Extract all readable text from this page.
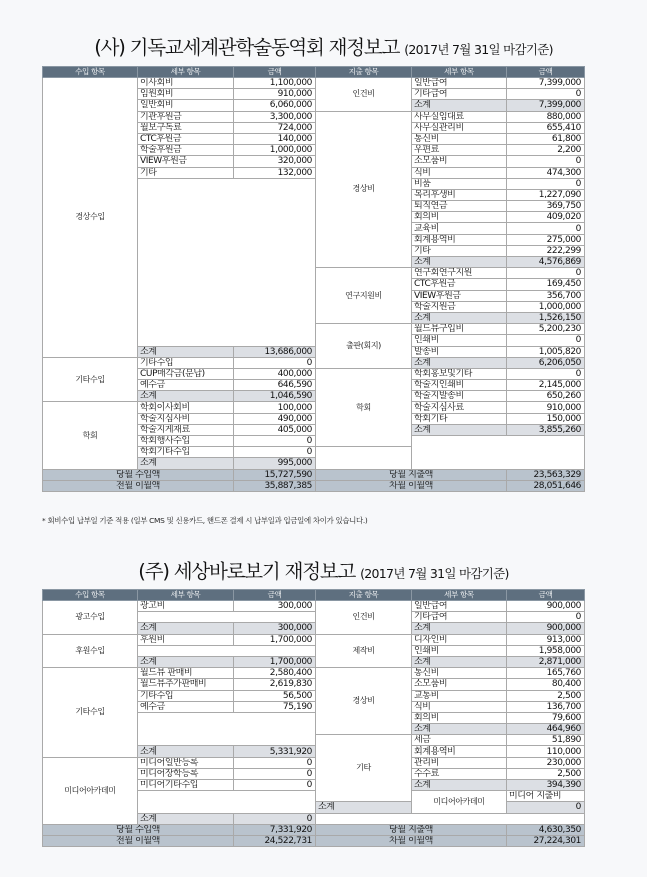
(사) 기독교세계관학술동역회 재정보고 (2017년 7월 31일 마감기준)
수입 항목	세부 항목	금액	지출 항목	세부 항목	금액
경상수입	이사회비	1,100,000	인건비	일반급여	7,399,000
	임원회비	910,000		기타급여	0
	일반회비	6,060,000		소계	7,399,000
	기관후원금	3,300,000	경상비	사무실임대료	880,000
	월보구독료	724,000		사무실관리비	655,410
	CTC후원금	140,000		통신비	61,800
	학술후원금	1,000,000		우편료	2,200
	VIEW후원금	320,000		소모품비	0
	기타	132,000		식비	474,300
				비품	0
				복리후생비	1,227,090
				퇴직연금	369,750
				회의비	409,020
				교육비	0
				회계용역비	275,000
				기타	222,299
				소계	4,576,869
			연구지원비	연구회연구지원	0
				CTC후원금	169,450
				VIEW후원금	356,700
				학술지원금	1,000,000
				소계	1,526,150
			출판(회지)	월드뷰구입비	5,200,230
				인쇄비	0
	소계	13,686,000		발송비	1,005,820
기타수입	기타수입	0		소계	6,206,050
	CUP매각금(분납)	400,000	학회	학회홍보및기타	0
	예수금	646,590		학술지인쇄비	2,145,000
	소계	1,046,590		학술지발송비	650,260
학회	학회이사회비	100,000		학술지심사료	910,000
	학술지심사비	490,000		학회기타	150,000
	학술지게재료	405,000		소계	3,855,260
	학회행사수입	0			
	학회기타수입	0			
	소계	995,000			
당월 수입액		15,727,590	당월 지출액		23,563,329
전월 이월액		35,887,385	차월 이월액		28,051,646
* 회비수입 납부일 기준 적용 (일부 CMS 및 신용카드, 핸드폰 결제 시 납부일과 입금일에 차이가 있습니다.)
(주) 세상바로보기 재정보고 (2017년 7월 31일 마감기준)
수입 항목	세부 항목	금액	지출 항목	세부 항목	금액	
광고수입	광고비	300,000	인건비	일반급여	900,000	
				기타급여	0	
	소계	300,000		소계	900,000	
후원수입	후원비	1,700,000	제작비	디자인비	913,000	
				인쇄비	1,958,000	
	소계	1,700,000		소계	2,871,000	
기타수입	월드뷰 판매비	2,580,400	경상비	통신비	165,760	
	월드뷰추가판매비	2,619,830		소모품비	80,400	
	기타수입	56,500		교통비	2,500	
	예수금	75,190		식비	136,700	
				회의비	79,600	
				소계	464,960	
			기타	세금	51,890	
	소계	5,331,920		회계용역비	110,000	
미디어아카데미	미디어일반등록	0		관리비	230,000	
	미디어장학등록	0		수수료	2,500	
	미디어기타수입	0		소계	394,390	
				미디어아카데미	미디어 지출비	
			소계		0	
	소계	0				
당월 수입액		7,331,920	당월 지출액		4,630,350	
전월 이월액		24,522,731	차월 이월액		27,224,301	
